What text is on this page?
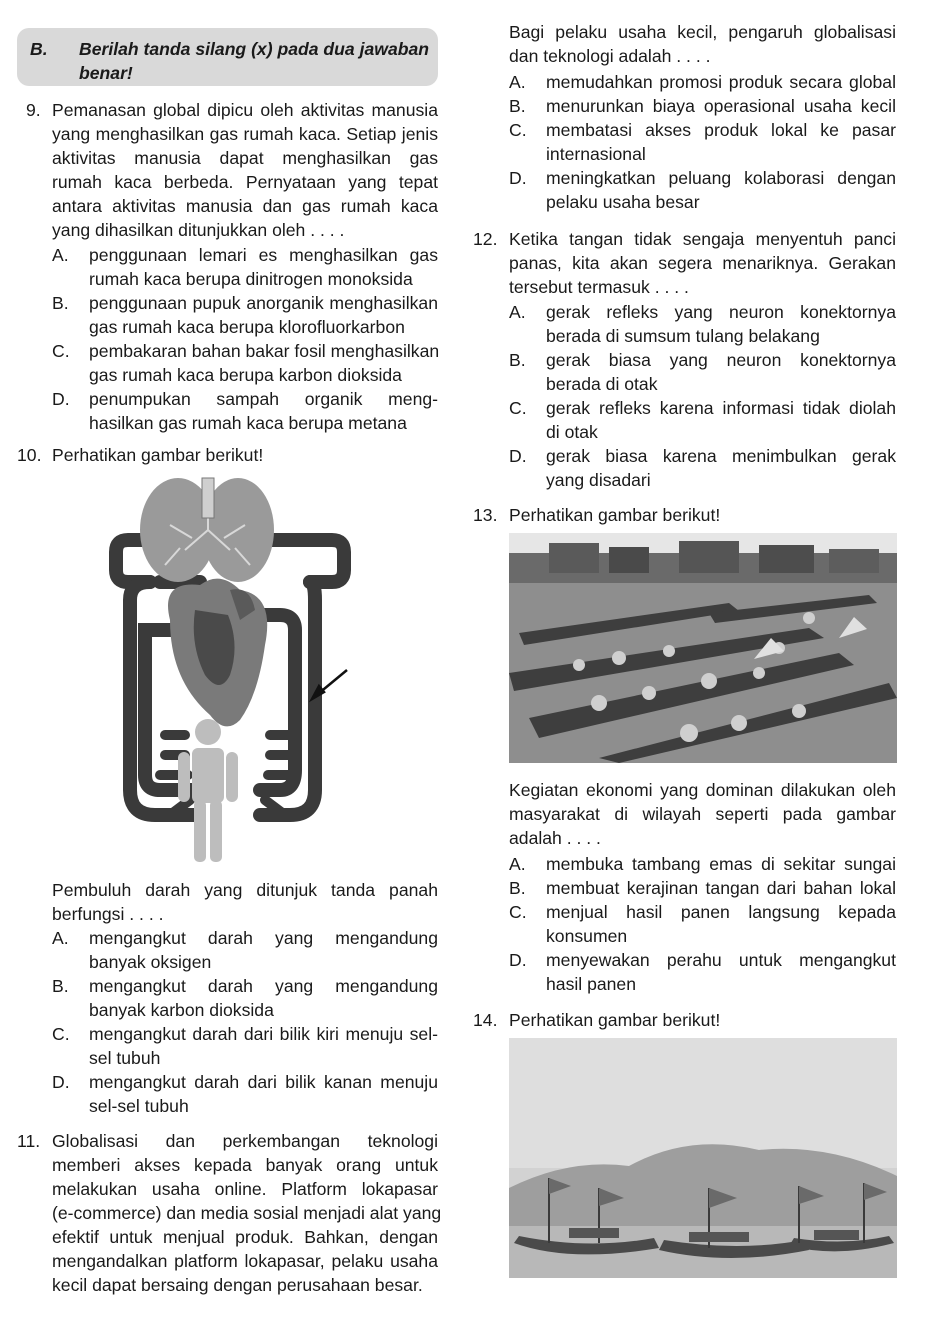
B. Berilah tanda silang (x) pada dua jawaban benar!
9. Pemanasan global dipicu oleh aktivitas manusia
yang menghasilkan gas rumah kaca. Setiap jenis
aktivitas manusia dapat menghasilkan gas
rumah kaca berbeda. Pernyataan yang tepat
antara aktivitas manusia dan gas rumah kaca
yang dihasilkan ditunjukkan oleh . . . .
A. penggunaan lemari es menghasilkan gas
rumah kaca berupa dinitrogen monoksida
B. penggunaan pupuk anorganik menghasilkan
gas rumah kaca berupa klorofluorkarbon
C. pembakaran bahan bakar fosil menghasilkan
gas rumah kaca berupa karbon dioksida
D. penumpukan sampah organik meng-
hasilkan gas rumah kaca berupa metana
10. Perhatikan gambar berikut!
Pembuluh darah yang ditunjuk tanda panah
berfungsi . . . .
A. mengangkut darah yang mengandung
banyak oksigen
B. mengangkut darah yang mengandung
banyak karbon dioksida
C. mengangkut darah dari bilik kiri menuju sel-
sel tubuh
D. mengangkut darah dari bilik kanan menuju
sel-sel tubuh
11. Globalisasi dan perkembangan teknologi
memberi akses kepada banyak orang untuk
melakukan usaha online. Platform lokapasar
(e-commerce) dan media sosial menjadi alat yang
efektif untuk menjual produk. Bahkan, dengan
mengandalkan platform lokapasar, pelaku usaha
kecil dapat bersaing dengan perusahaan besar.
Bagi pelaku usaha kecil, pengaruh globalisasi
dan teknologi adalah . . . .
A. memudahkan promosi produk secara global
B. menurunkan biaya operasional usaha kecil
C. membatasi akses produk lokal ke pasar
internasional
D. meningkatkan peluang kolaborasi dengan
pelaku usaha besar
12. Ketika tangan tidak sengaja menyentuh panci
panas, kita akan segera menariknya. Gerakan
tersebut termasuk . . . .
A. gerak refleks yang neuron konektornya
berada di sumsum tulang belakang
B. gerak biasa yang neuron konektornya
berada di otak
C. gerak refleks karena informasi tidak diolah
di otak
D. gerak biasa karena menimbulkan gerak
yang disadari
13. Perhatikan gambar berikut!
Kegiatan ekonomi yang dominan dilakukan oleh
masyarakat di wilayah seperti pada gambar
adalah . . . .
A. membuka tambang emas di sekitar sungai
B. membuat kerajinan tangan dari bahan lokal
C. menjual hasil panen langsung kepada
konsumen
D. menyewakan perahu untuk mengangkut
hasil panen
14. Perhatikan gambar berikut!
